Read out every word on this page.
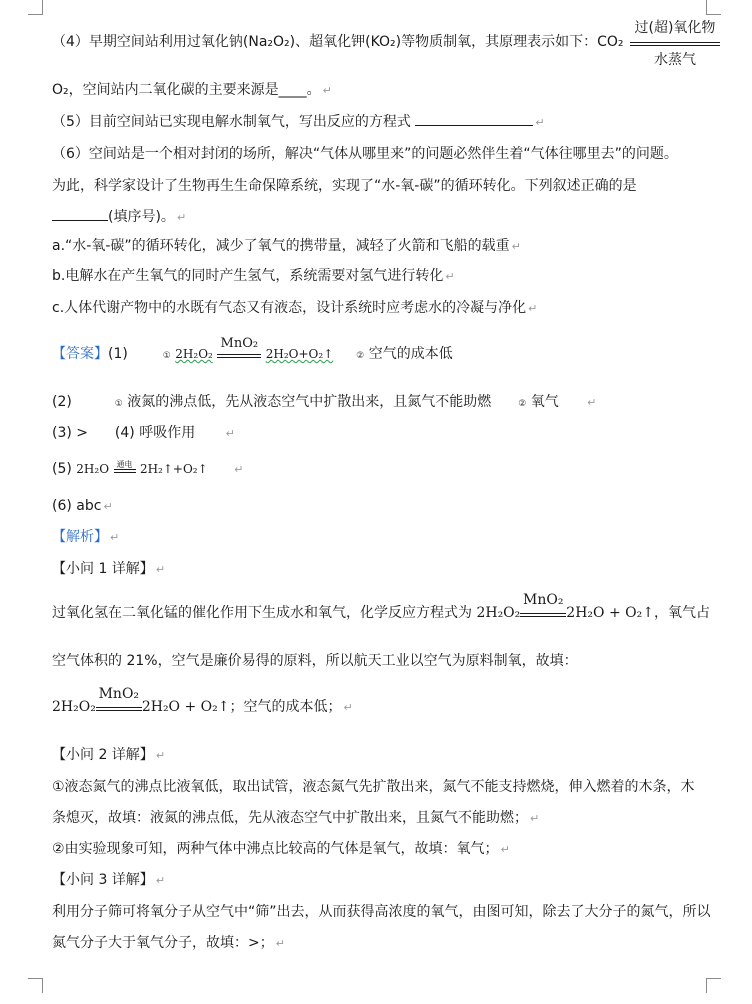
（4）早期空间站利用过氧化钠(Na₂O₂)、超氧化钾(KO₂)等物质制氧，其原理表示如下：CO₂
过(超)氧化物
水蒸气
O₂，空间站内二氧化碳的主要来源是____。 ↵
（5）目前空间站已实现电解水制氧气，写出反应的方程式	↵
（6）空间站是一个相对封闭的场所，解决“气体从哪里来”的问题必然伴生着“气体往哪里去”的问题。
为此，科学家设计了生物再生生命保障系统，实现了“水-氧-碳”的循环转化。下列叙述正确的是
(填序号)。 ↵
a.“水-氧-碳”的循环转化，减少了氧气的携带量，减轻了火箭和飞船的载重 ↵
b.电解水在产生氧气的同时产生氢气，系统需要对氢气进行转化 ↵
c.人体代谢产物中的水既有气态又有液态，设计系统时应考虑水的冷凝与净化 ↵
【答案】(1)	① 2H₂O₂
MnO₂
2H₂O+O₂↑	② 空气的成本低
(2)	① 液氮的沸点低，先从液态空气中扩散出来，且氮气不能助燃	② 氧气	↵
(3) > (4) 呼吸作用	↵
(5) 2H₂O 通电 2H₂↑+O₂↑ ↵
(6) abc ↵
【解析】 ↵
【小问 1 详解】 ↵
过氧化氢在二氧化锰的催化作用下生成水和氧气，化学反应方程式为 2H₂O₂
MnO₂
2H₂O + O₂↑，氧气占
空气体积的 21%，空气是廉价易得的原料，所以航天工业以空气为原料制氧，故填：
2H₂O₂
MnO₂
2H₂O + O₂↑；空气的成本低； ↵
【小问 2 详解】 ↵
①液态氮气的沸点比液氧低，取出试管，液态氮气先扩散出来，氮气不能支持燃烧，伸入燃着的木条，木
条熄灭，故填：液氮的沸点低，先从液态空气中扩散出来，且氮气不能助燃； ↵
②由实验现象可知，两种气体中沸点比较高的气体是氧气，故填：氧气； ↵
【小问 3 详解】 ↵
利用分子筛可将氧分子从空气中“筛”出去，从而获得高浓度的氧气，由图可知，除去了大分子的氮气，所以
氮气分子大于氧气分子，故填：>； ↵
